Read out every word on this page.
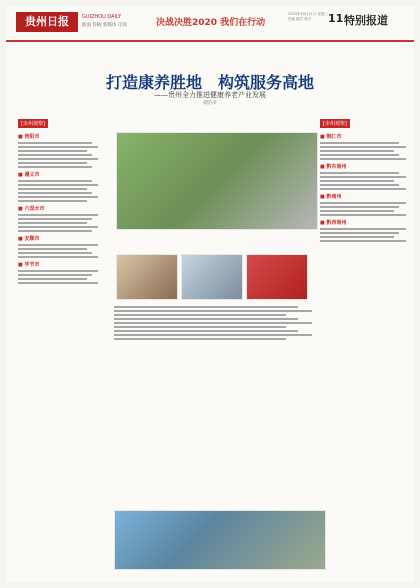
贵州日报	GUIZHOU DAILY
版面 投稿 新媒体 订阅	决战决胜2020 我们在行动
2020年10月21日 星期三
责编 版式 校对	11 特别报道
打造康养胜地　构筑服务高地
——贵州全力推进健康养老产业发展
胡启幸
[市州观察]
■ 贵阳市
■ 遵义市
■ 六盘水市
■ 安顺市
■ 毕节市
[市州观察]
■ 铜仁市
■ 黔东南州
■ 黔南州
■ 黔西南州
